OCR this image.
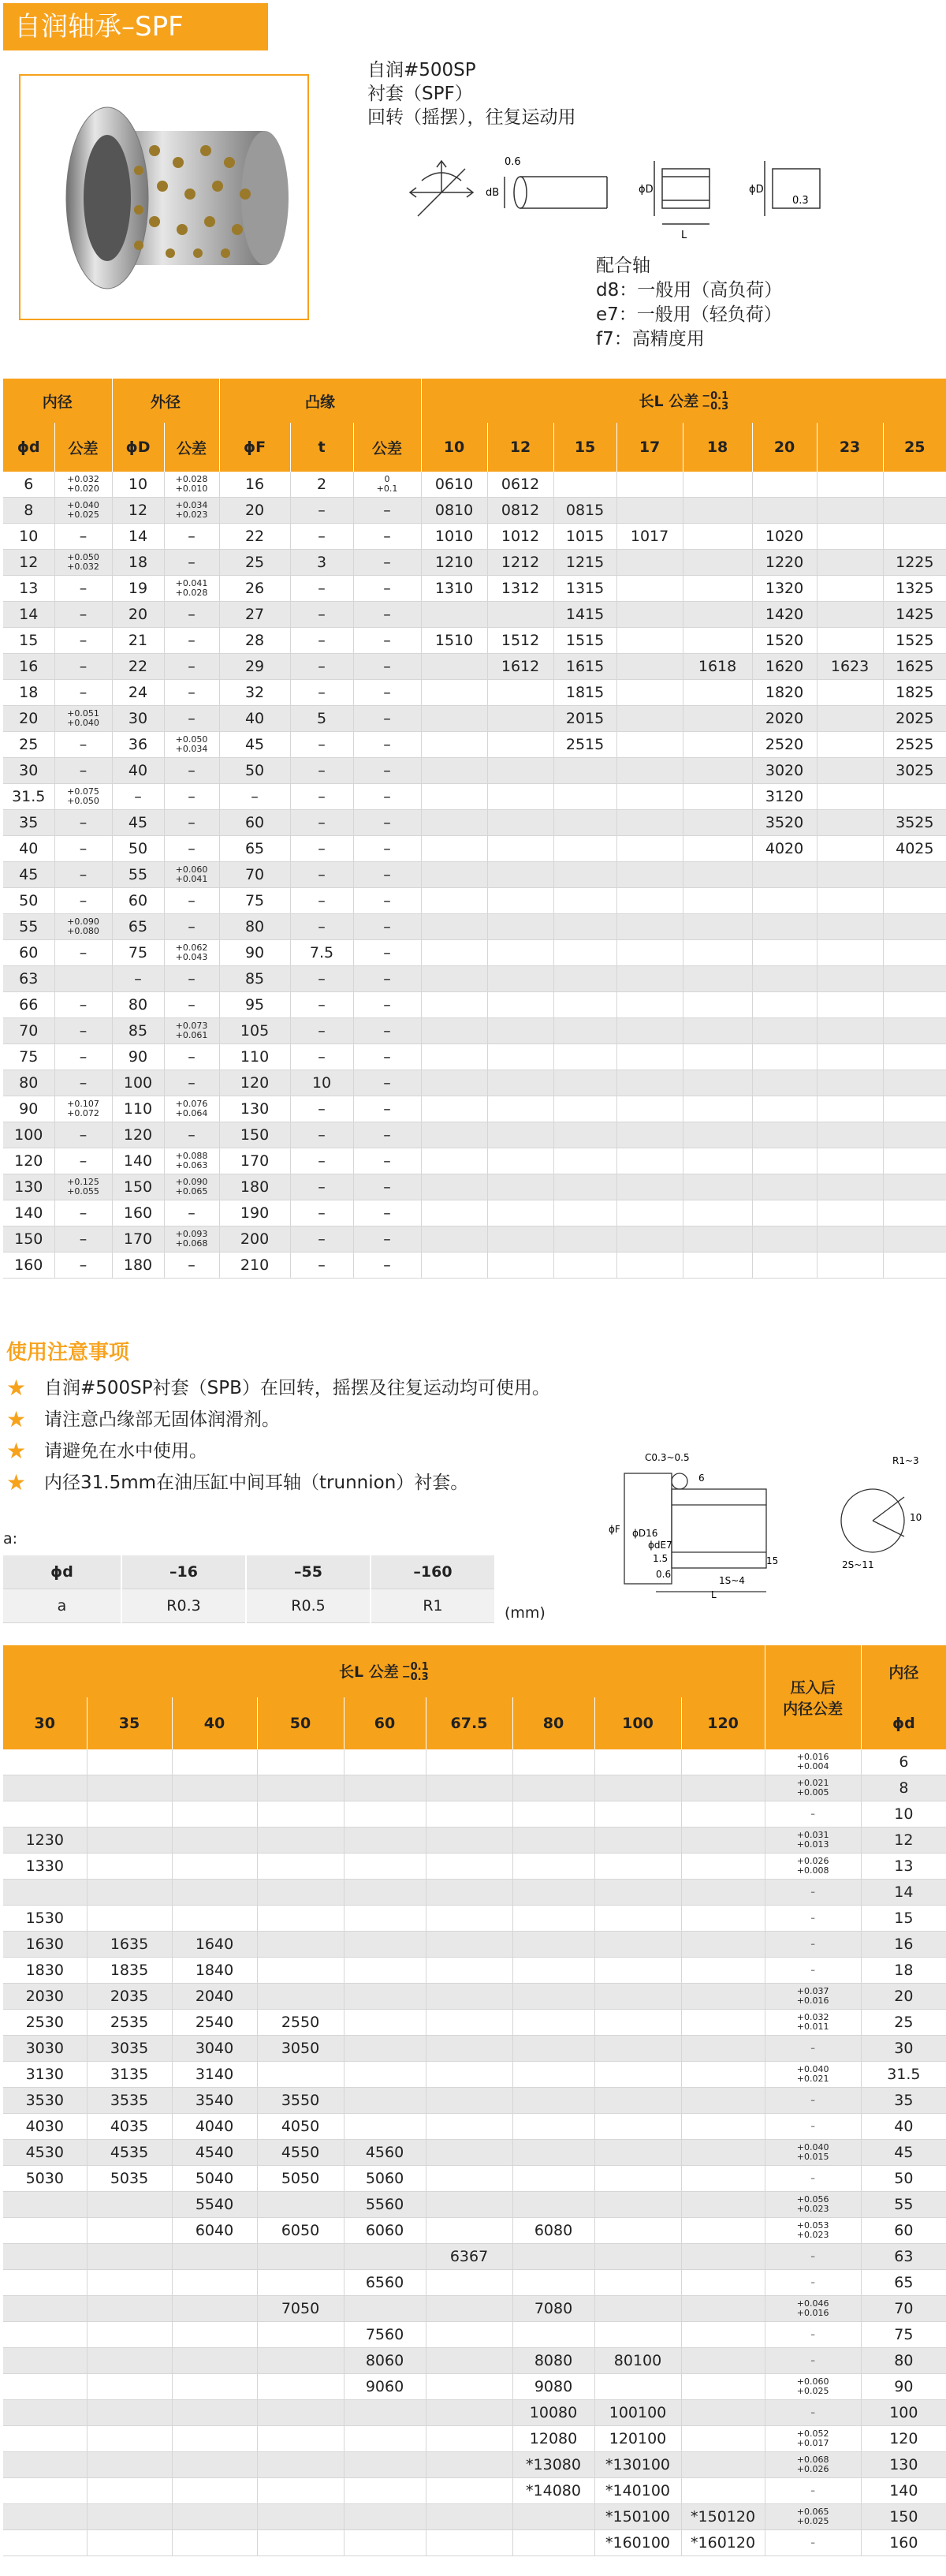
自润轴承–SPF
自润#500SP
衬套（SPF）
回转（摇摆），往复运动用
0.6
dB	ϕD	ϕD
0.3
L
配合轴
d8：一般用（高负荷）
e7：一般用（轻负荷）
f7：高精度用
内径		外径		凸缘			长L 公差 −0.1
−0.3							
ϕd	公差	ϕD	公差	ϕF	t	公差	10	12	15	17	18	20	23	25
6	+0.032
+0.020	10	+0.028
+0.010	16	2	0
+0.1	0610	0612						
8	+0.040
+0.025	12	+0.034
+0.023	20	–	–	0810	0812	0815					
10	–	14	–	22	–	–	1010	1012	1015	1017		1020		
12	+0.050
+0.032	18	–	25	3	–	1210	1212	1215			1220		1225
13	–	19	+0.041
+0.028	26	–	–	1310	1312	1315			1320		1325
14	–	20	–	27	–	–			1415			1420		1425
15	–	21	–	28	–	–	1510	1512	1515			1520		1525
16	–	22	–	29	–	–		1612	1615		1618	1620	1623	1625
18	–	24	–	32	–	–			1815			1820		1825
20	+0.051
+0.040	30	–	40	5	–			2015			2020		2025
25	–	36	+0.050
+0.034	45	–	–			2515			2520		2525
30	–	40	–	50	–	–						3020		3025
31.5	+0.075
+0.050	–	–	–	–	–						3120		
35	–	45	–	60	–	–						3520		3525
40	–	50	–	65	–	–						4020		4025
45	–	55	+0.060
+0.041	70	–	–								
50	–	60	–	75	–	–								
55	+0.090
+0.080	65	–	80	–	–								
60	–	75	+0.062
+0.043	90	7.5	–								
63		–	–	85	–	–								
66	–	80	–	95	–	–								
70	–	85	+0.073
+0.061	105	–	–								
75	–	90	–	110	–	–								
80	–	100	–	120	10	–								
90	+0.107
+0.072	110	+0.076
+0.064	130	–	–								
100	–	120	–	150	–	–								
120	–	140	+0.088
+0.063	170	–	–								
130	+0.125
+0.055	150	+0.090
+0.065	180	–	–								
140	–	160	–	190	–	–								
150	–	170	+0.093
+0.068	200	–	–								
160	–	180	–	210	–	–								
使用注意事项
★ 自润#500SP衬套（SPB）在回转，摇摆及往复运动均可使用。
★ 请注意凸缘部无固体润滑剂。
★ 请避免在水中使用。
★ 内径31.5mm在油压缸中间耳轴（trunnion）衬套。
C0.3~0.5
6
ϕF ϕD16
ϕdE7
1.5
0.6
15
1S~4
L
R1~3
10
2S~11
a:
ϕd	–16	–55	–160
a	R0.3	R0.5	R1	(mm)
长L 公差 −0.1
−0.3									压入后
内径公差	内径
30	35	40	50	60	67.5	80	100	120		ϕd

									+0.016
+0.004	6

									+0.021
+0.005	8

									–	10
1230									+0.031
+0.013	12
1330									+0.026
+0.008	13

									–	14
1530									–	15
1630	1635	1640							–	16
1830	1835	1840							–	18
2030	2035	2040							+0.037
+0.016	20
2530	2535	2540	2550						+0.032
+0.011	25
3030	3035	3040	3050						–	30
3130	3135	3140							+0.040
+0.021	31.5
3530	3535	3540	3550						–	35
4030	4035	4040	4050						–	40
4530	4535	4540	4550	4560					+0.040
+0.015	45
5030	5035	5040	5050	5060					–	50
		5540		5560					+0.056
+0.023	55
		6040	6050	6060		6080			+0.053
+0.023	60
					6367				–	63
				6560					–	65
			7050			7080			+0.046
+0.016	70
				7560					–	75
				8060		8080	80100		–	80
				9060		9080			+0.060
+0.025	90
						10080	100100		–	100
						12080	120100		+0.052
+0.017	120
						*13080	*130100		+0.068
+0.026	130
						*14080	*140100		–	140
							*150100	*150120	+0.065
+0.025	150
							*160100	*160120	–	160
